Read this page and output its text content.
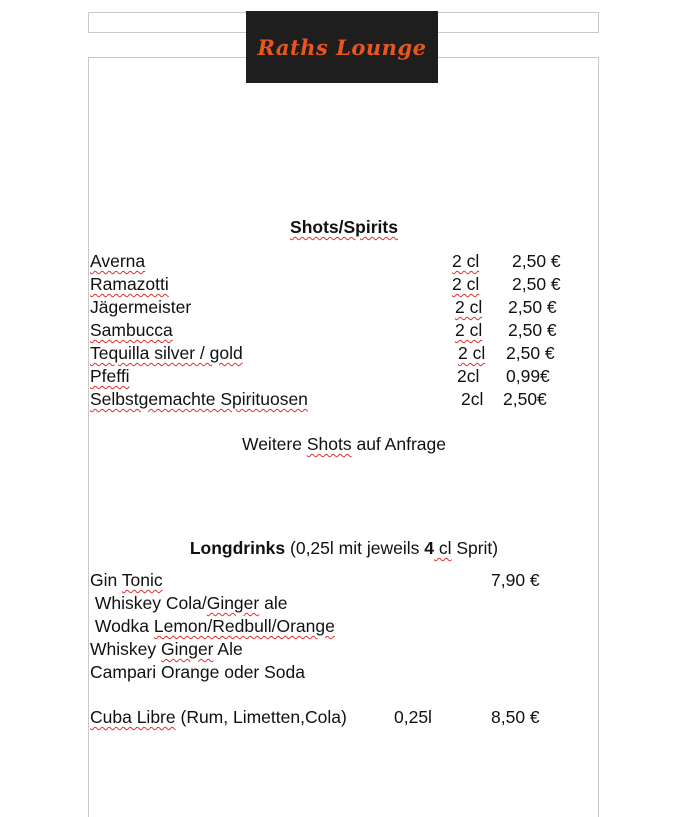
Raths Lounge
Shots/Spirits
Averna	2 cl 2,50 €
Ramazotti	2 cl 2,50 €
Jägermeister	2 cl 2,50 €
Sambucca	2 cl 2,50 €
Tequilla silver / gold	2 cl 2,50 €
Pfeffi	2cl 0,99€
Selbstgemachte Spirituosen	2cl 2,50€
Weitere Shots auf Anfrage
Longdrinks (0,25l mit jeweils 4 cl Sprit)
Gin Tonic	7,90 €
Whiskey Cola/Ginger ale
Wodka Lemon/Redbull/Orange
Whiskey Ginger Ale
Campari Orange oder Soda
Cuba Libre (Rum, Limetten,Cola)	0,25l	8,50 €
